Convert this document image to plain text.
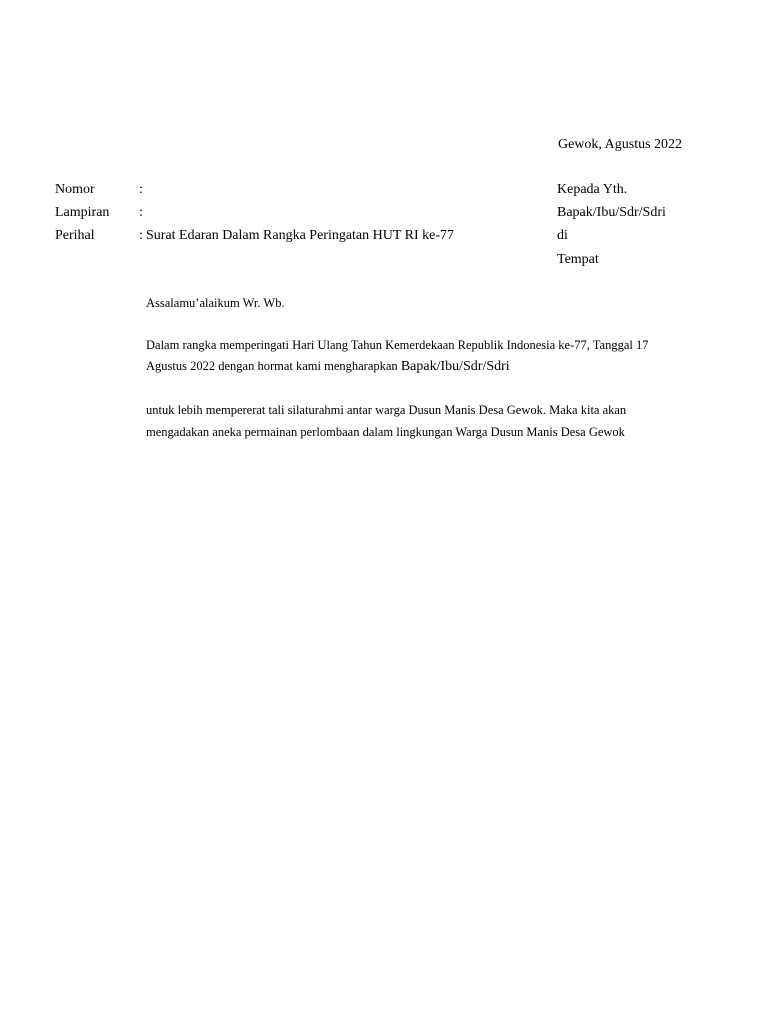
Gewok, Agustus 2022
Nomor	:
Lampiran :
Perihal	: Surat Edaran Dalam Rangka Peringatan HUT RI ke-77
Kepada Yth.
Bapak/Ibu/Sdr/Sdri
di
Tempat
Assalamu’alaikum Wr. Wb.
Dalam rangka memperingati Hari Ulang Tahun Kemerdekaan Republik Indonesia ke-77, Tanggal 17
Agustus 2022 dengan hormat kami mengharapkan Bapak/Ibu/Sdr/Sdri
untuk lebih mempererat tali silaturahmi antar warga Dusun Manis Desa Gewok. Maka kita akan
mengadakan aneka permainan perlombaan dalam lingkungan Warga Dusun Manis Desa Gewok
